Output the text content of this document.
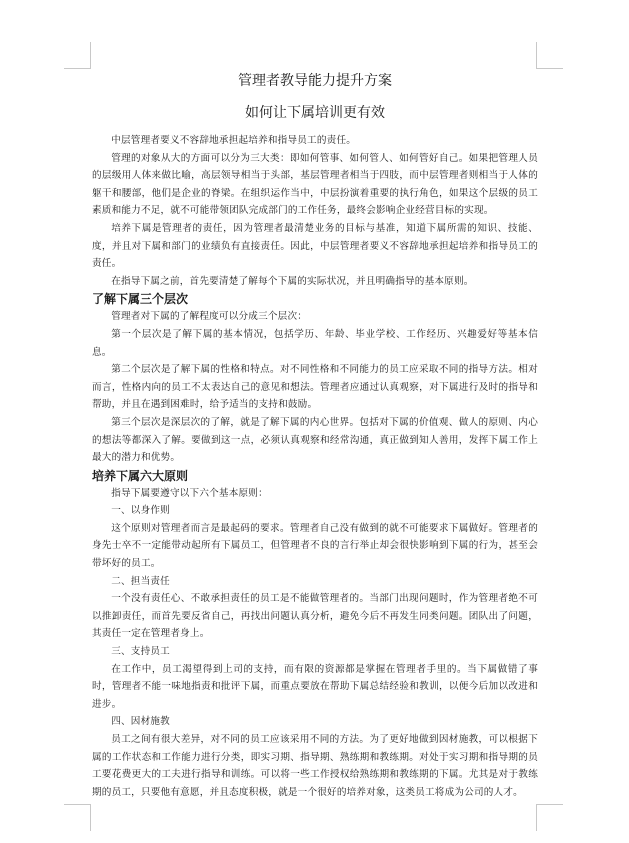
管理者教导能力提升方案
如何让下属培训更有效

中层管理者要义不容辞地承担起培养和指导员工的责任。

管理的对象从大的方面可以分为三大类：即如何管事、如何管人、如何管好自己。如果把管理人员的层级用人体来做比喻，高层领导相当于头部，基层管理者相当于四肢，而中层管理者则相当于人体的躯干和腰部，他们是企业的脊梁。在组织运作当中，中层扮演着重要的执行角色，如果这个层级的员工素质和能力不足，就不可能带领团队完成部门的工作任务，最终会影响企业经营目标的实现。

培养下属是管理者的责任，因为管理者最清楚业务的目标与基准，知道下属所需的知识、技能、度，并且对下属和部门的业绩负有直接责任。因此，中层管理者要义不容辞地承担起培养和指导员工的责任。

在指导下属之前，首先要清楚了解每个下属的实际状况，并且明确指导的基本原则。

了解下属三个层次

管理者对下属的了解程度可以分成三个层次：

第一个层次是了解下属的基本情况，包括学历、年龄、毕业学校、工作经历、兴趣爱好等基本信息。

第二个层次是了解下属的性格和特点。对不同性格和不同能力的员工应采取不同的指导方法。相对而言，性格内向的员工不太表达自己的意见和想法。管理者应通过认真观察，对下属进行及时的指导和帮助，并且在遇到困难时，给予适当的支持和鼓励。

第三个层次是深层次的了解，就是了解下属的内心世界。包括对下属的价值观、做人的原则、内心的想法等都深入了解。要做到这一点，必须认真观察和经常沟通，真正做到知人善用，发挥下属工作上最大的潜力和优势。

培养下属六大原则

指导下属要遵守以下六个基本原则：

一、以身作则

这个原则对管理者而言是最起码的要求。管理者自己没有做到的就不可能要求下属做好。管理者的身先士卒不一定能带动起所有下属员工，但管理者不良的言行举止却会很快影响到下属的行为，甚至会带坏好的员工。

二、担当责任

一个没有责任心、不敢承担责任的员工是不能做管理者的。当部门出现问题时，作为管理者绝不可以推卸责任，而首先要反省自己，再找出问题认真分析，避免今后不再发生同类问题。团队出了问题，其责任一定在管理者身上。

三、支持员工

在工作中，员工渴望得到上司的支持，而有限的资源都是掌握在管理者手里的。当下属做错了事时，管理者不能一味地指责和批评下属，而重点要放在帮助下属总结经验和教训，以便今后加以改进和进步。

四、因材施教

员工之间有很大差异，对不同的员工应该采用不同的方法。为了更好地做到因材施教，可以根据下属的工作状态和工作能力进行分类，即实习期、指导期、熟练期和教练期。对处于实习期和指导期的员工要花费更大的工夫进行指导和训练。可以将一些工作授权给熟练期和教练期的下属。尤其是对于教练期的员工，只要他有意愿，并且态度积极，就是一个很好的培养对象，这类员工将成为公司的人才。
